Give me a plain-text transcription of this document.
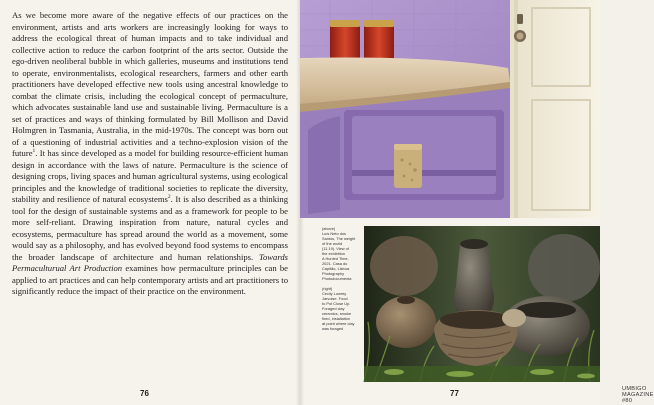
As we become more aware of the negative effects of our practices on the environment, artists and arts workers are increasingly looking for ways to address the ecological threat of human impacts and to take individual and collective action to reduce the carbon footprint of the arts sector. Outside the ego-driven neoliberal bubble in which galleries, museums and institutions tend to operate, environmentalists, ecological researchers, farmers and other earth practitioners have developed effective new tools using ancestral knowledge to combat the climate crisis, including the ecological concept of permaculture, which advocates sustainable land use and sustainable living. Permaculture is a set of practices and ways of thinking formulated by Bill Mollison and David Holmgren in Tasmania, Australia, in the mid-1970s. The concept was born out of a questioning of industrial activities and a techno-explosion vision of the future$^1$. It has since developed as a model for building resource-efficient human design in accordance with the laws of nature. Permaculture is the science of designing crops, living spaces and human agricultural systems, using ecological principles and the knowledge of traditional societies to replicate the diversity, stability and resilience of natural ecosystems$^2$. It is also described as a thinking tool for the design of sustainable systems and as a framework for people to be more self-reliant. Drawing inspiration from nature, natural cycles and ecosystems, permaculture has spread around the world as a movement, some would say as a philosophy, and has evolved beyond food systems to encompass the broader landscape of architecture and human relationships. Towards Permaculturual Art Production examines how permaculture principles can be applied to art practices and can help contemporary artists and art practitioners to significantly reduce the impact of their practice on the environment.

76	UMBIGO MAGAZINE #80
77
(above)
Luís Neto dos
Santos, The weight
of the world
(11.19). View of
the exhibition
A Hunted Time,
2021. Casa do
Capitão, Lisboa.
Photography
Photodocumenta
(right)
Cecily Lowrey
Jarvoise. Food
to Pot Close Up.
Foraged clay
ceramics, smoke
fired, installation
at point where clay
was foraged
